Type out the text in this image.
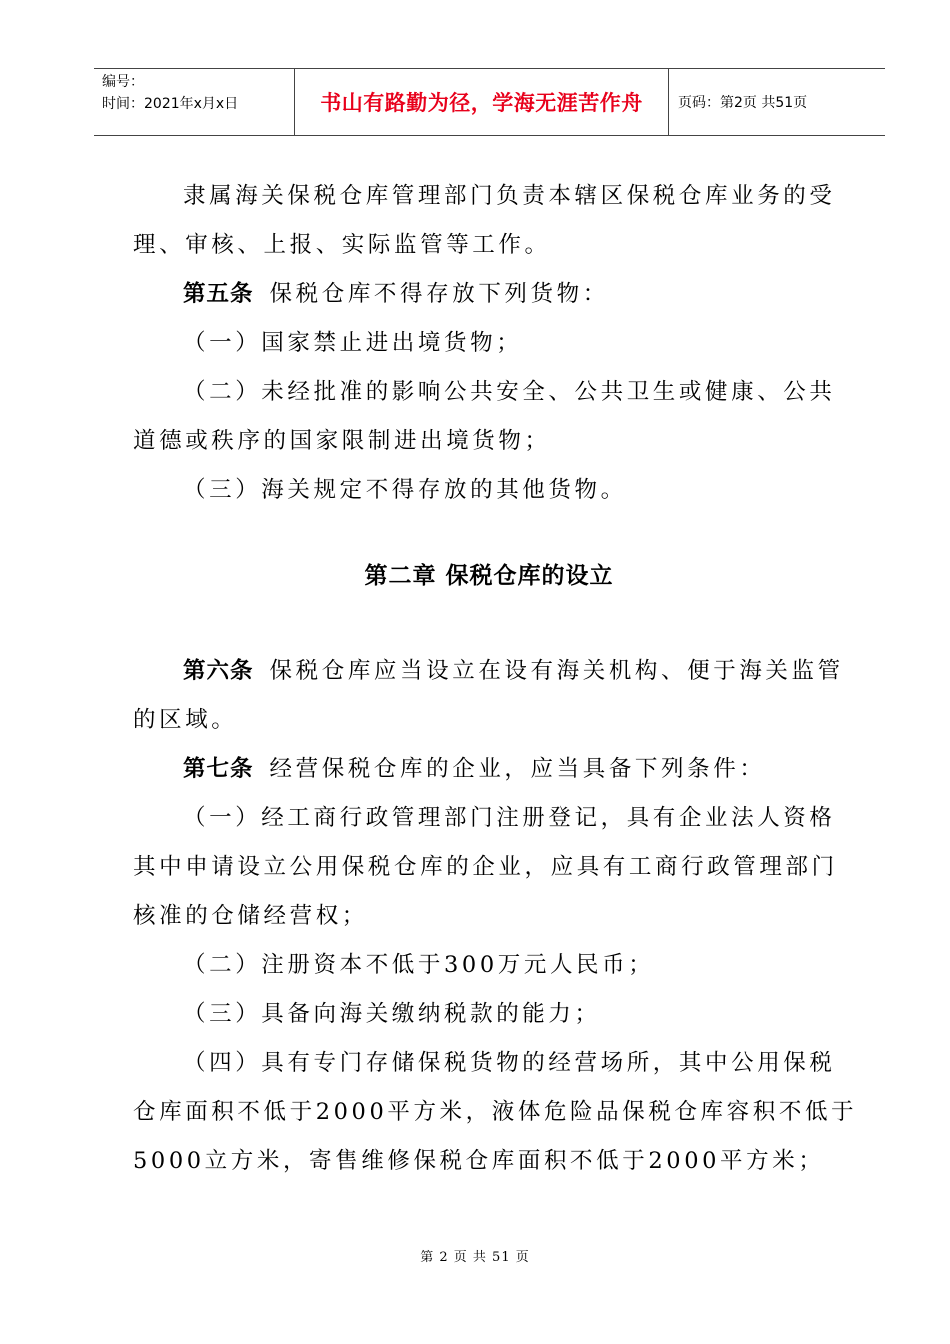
编号：
时间：2021年x月x日	书山有路勤为径，学海无涯苦作舟	页码：第2页 共51页
隶属海关保税仓库管理部门负责本辖区保税仓库业务的受
理、审核、上报、实际监管等工作。
第五条 保税仓库不得存放下列货物：
（一）国家禁止进出境货物；
（二）未经批准的影响公共安全、公共卫生或健康、公共
道德或秩序的国家限制进出境货物；
（三）海关规定不得存放的其他货物。
第二章 保税仓库的设立
第六条 保税仓库应当设立在设有海关机构、便于海关监管
的区域。
第七条 经营保税仓库的企业，应当具备下列条件：
（一）经工商行政管理部门注册登记，具有企业法人资格
其中申请设立公用保税仓库的企业，应具有工商行政管理部门
核准的仓储经营权；
（二）注册资本不低于300万元人民币；
（三）具备向海关缴纳税款的能力；
（四）具有专门存储保税货物的经营场所，其中公用保税
仓库面积不低于2000平方米，液体危险品保税仓库容积不低于
5000立方米，寄售维修保税仓库面积不低于2000平方米；
第 2 页 共 51 页
